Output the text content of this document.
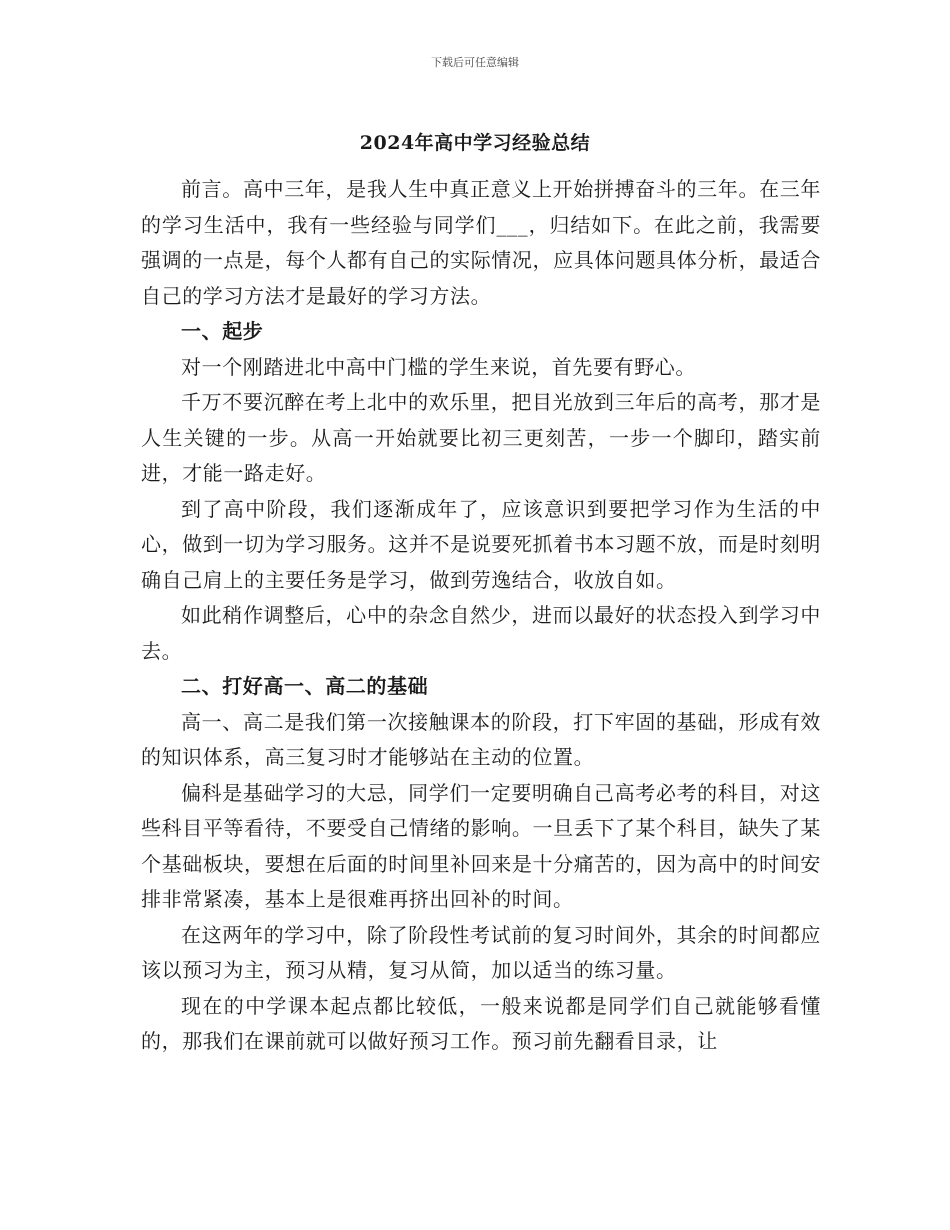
下载后可任意编辑
2024年高中学习经验总结

前言。高中三年，是我人生中真正意义上开始拼搏奋斗的三年。在三年的学习生活中，我有一些经验与同学们___，归结如下。在此之前，我需要强调的一点是，每个人都有自己的实际情况，应具体问题具体分析，最适合自己的学习方法才是最好的学习方法。

一、起步

对一个刚踏进北中高中门槛的学生来说，首先要有野心。

千万不要沉醉在考上北中的欢乐里，把目光放到三年后的高考，那才是人生关键的一步。从高一开始就要比初三更刻苦，一步一个脚印，踏实前进，才能一路走好。

到了高中阶段，我们逐渐成年了，应该意识到要把学习作为生活的中心，做到一切为学习服务。这并不是说要死抓着书本习题不放，而是时刻明确自己肩上的主要任务是学习，做到劳逸结合，收放自如。

如此稍作调整后，心中的杂念自然少，进而以最好的状态投入到学习中去。

二、打好高一、高二的基础

高一、高二是我们第一次接触课本的阶段，打下牢固的基础，形成有效的知识体系，高三复习时才能够站在主动的位置。

偏科是基础学习的大忌，同学们一定要明确自己高考必考的科目，对这些科目平等看待，不要受自己情绪的影响。一旦丢下了某个科目，缺失了某个基础板块，要想在后面的时间里补回来是十分痛苦的，因为高中的时间安排非常紧凑，基本上是很难再挤出回补的时间。

在这两年的学习中，除了阶段性考试前的复习时间外，其余的时间都应该以预习为主，预习从精，复习从简，加以适当的练习量。

现在的中学课本起点都比较低，一般来说都是同学们自己就能够看懂的，那我们在课前就可以做好预习工作。预习前先翻看目录，让
